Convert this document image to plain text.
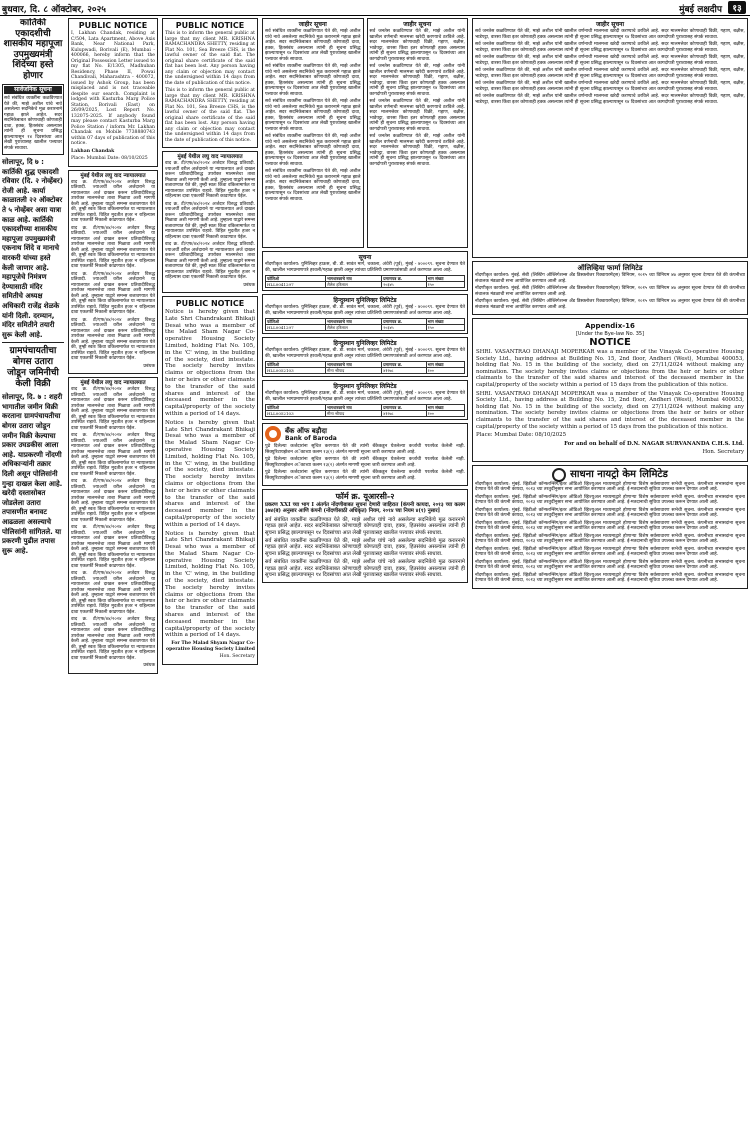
बुधवार, दि. ८ ऑक्टोबर, २०२५	मुंबई लक्षदीप	१३
कार्तिकी एकादशीची शासकीय महापूजा उपमुख्यमंत्री शिंदेंच्या हस्ते होणार
सार्वजनिक सूचना

सर्व संबंधित व्यक्तींना कळविण्यात येते की, माझे अशील यांचे नावे असलेल्या सदनिकेचे मूळ करारनामे गहाळ झाले आहेत. सदर सदनिकेबाबत कोणाचाही कोणताही दावा, हक्क, हितसंबंध असल्यास त्यांनी ही सूचना प्रसिद्ध झाल्यापासून १४ दिवसांच्या आत लेखी पुराव्यासह खालील पत्त्यावर संपर्क साधावा.

सोलापूर, दि ७ : कार्तिकी शुद्ध एकादशी रविवार (दि. २ नोव्हेंबर) रोजी आहे. कार्या काळातली २२ ऑक्टोबर ते ५ नोव्हेंबर असा यात्रा काळ आहे. कार्तिकी एकादशीच्या शासकीय महापूजा उपमुख्यमंत्री एकनाथ शिंदे व मानाचे वारकरी यांच्या हस्ते केली जाणार आहे. महापूजेचे निमंत्रण देण्यासाठी मंदिर समितीचे अध्यक्ष अधिकारी राजेंद्र शेळके यांनी दिली. दरम्यान, मंदिर समितीने तयारी सुरू केली आहे.
ग्रामपंचायतीचा बोगस उतारा जोडून जमिनीची केली विक्री
सोलापूर, दि. ७ : शहरी भागातील जमीन विक्री करताना ग्रामपंचायतीचा बोगस उतारा जोडून जमीन विक्री केल्याचा प्रकार उघडकीस आला आहे. याप्रकरणी नोंदणी अधिकाऱ्यांनी तक्रार दिली असून पोलिसांनी गुन्हा दाखल केला आहे. खरेदी दस्तासोबत जोडलेला उतारा तपासणीत बनावट आढळला असल्याचे पोलिसांनी सांगितले. या प्रकरणी पुढील तपास सुरू आहे.
PUBLIC NOTICE

I, Lakhan Chandak, residing at C/504, Lata Apartment, Above Axis Bank, Near National Park, Kulupwadi, Borivali (E), Mumbai - 400066, hereby inform that the Original Possession Letter issued to my flat No. E/1305, Madhuban Residency, Phase II, Powai Chandivali, Maharashtra - 400072, issued by Ashok Group, has been misplaced and is not traceable despite our search. Complaint is lodged with Kasturba Marg Police Station, Borivali (East) on 26/09/2025, Lost Report No. 132075-2025. If anybody found may please contact Kasturba Marg Police Station / inform Mr. Lakhan Chandak on Mobile 7738880743 within 07 days of publication of this notice.

Lakhan Chandak

Place: Mumbai Date: 08/10/2025

मुंबई येथील लघु वाद न्यायालयात

वाद क्र. टी/एफ/४४/२०२४ अर्जदार विरुद्ध प्रतिवादी. ज्याअर्थी वरील अर्जदाराने या न्यायालयात अर्ज दाखल करून प्रतिवादीविरुद्ध उपरोक्त मालमत्तेचा ताबा मिळावा अशी मागणी केली आहे. तुम्हाला याद्वारे समन्स बजावण्यात येते की, तुम्ही स्वतः किंवा वकिलामार्फत या न्यायालयात उपस्थित राहावे. विहित मुदतीत हजर न राहिल्यास दावा एकतर्फी निकाली काढण्यात येईल.

वाद क्र. टी/एफ/४४/२०२४ अर्जदार विरुद्ध प्रतिवादी. ज्याअर्थी वरील अर्जदाराने या न्यायालयात अर्ज दाखल करून प्रतिवादीविरुद्ध उपरोक्त मालमत्तेचा ताबा मिळावा अशी मागणी केली आहे. तुम्हाला याद्वारे समन्स बजावण्यात येते की, तुम्ही स्वतः किंवा वकिलामार्फत या न्यायालयात उपस्थित राहावे. विहित मुदतीत हजर न राहिल्यास दावा एकतर्फी निकाली काढण्यात येईल.

वाद क्र. टी/एफ/४४/२०२४ अर्जदार विरुद्ध प्रतिवादी. ज्याअर्थी वरील अर्जदाराने या न्यायालयात अर्ज दाखल करून प्रतिवादीविरुद्ध उपरोक्त मालमत्तेचा ताबा मिळावा अशी मागणी केली आहे. तुम्हाला याद्वारे समन्स बजावण्यात येते की, तुम्ही स्वतः किंवा वकिलामार्फत या न्यायालयात उपस्थित राहावे. विहित मुदतीत हजर न राहिल्यास दावा एकतर्फी निकाली काढण्यात येईल.

वाद क्र. टी/एफ/४४/२०२४ अर्जदार विरुद्ध प्रतिवादी. ज्याअर्थी वरील अर्जदाराने या न्यायालयात अर्ज दाखल करून प्रतिवादीविरुद्ध उपरोक्त मालमत्तेचा ताबा मिळावा अशी मागणी केली आहे. तुम्हाला याद्वारे समन्स बजावण्यात येते की, तुम्ही स्वतः किंवा वकिलामार्फत या न्यायालयात उपस्थित राहावे. विहित मुदतीत हजर न राहिल्यास दावा एकतर्फी निकाली काढण्यात येईल.

प्रबंधक

मुंबई येथील लघु वाद न्यायालयात

वाद क्र. टी/एफ/४४/२०२४ अर्जदार विरुद्ध प्रतिवादी. ज्याअर्थी वरील अर्जदाराने या न्यायालयात अर्ज दाखल करून प्रतिवादीविरुद्ध उपरोक्त मालमत्तेचा ताबा मिळावा अशी मागणी केली आहे. तुम्हाला याद्वारे समन्स बजावण्यात येते की, तुम्ही स्वतः किंवा वकिलामार्फत या न्यायालयात उपस्थित राहावे. विहित मुदतीत हजर न राहिल्यास दावा एकतर्फी निकाली काढण्यात येईल.

वाद क्र. टी/एफ/४४/२०२४ अर्जदार विरुद्ध प्रतिवादी. ज्याअर्थी वरील अर्जदाराने या न्यायालयात अर्ज दाखल करून प्रतिवादीविरुद्ध उपरोक्त मालमत्तेचा ताबा मिळावा अशी मागणी केली आहे. तुम्हाला याद्वारे समन्स बजावण्यात येते की, तुम्ही स्वतः किंवा वकिलामार्फत या न्यायालयात उपस्थित राहावे. विहित मुदतीत हजर न राहिल्यास दावा एकतर्फी निकाली काढण्यात येईल.

वाद क्र. टी/एफ/४४/२०२४ अर्जदार विरुद्ध प्रतिवादी. ज्याअर्थी वरील अर्जदाराने या न्यायालयात अर्ज दाखल करून प्रतिवादीविरुद्ध उपरोक्त मालमत्तेचा ताबा मिळावा अशी मागणी केली आहे. तुम्हाला याद्वारे समन्स बजावण्यात येते की, तुम्ही स्वतः किंवा वकिलामार्फत या न्यायालयात उपस्थित राहावे. विहित मुदतीत हजर न राहिल्यास दावा एकतर्फी निकाली काढण्यात येईल.

वाद क्र. टी/एफ/४४/२०२४ अर्जदार विरुद्ध प्रतिवादी. ज्याअर्थी वरील अर्जदाराने या न्यायालयात अर्ज दाखल करून प्रतिवादीविरुद्ध उपरोक्त मालमत्तेचा ताबा मिळावा अशी मागणी केली आहे. तुम्हाला याद्वारे समन्स बजावण्यात येते की, तुम्ही स्वतः किंवा वकिलामार्फत या न्यायालयात उपस्थित राहावे. विहित मुदतीत हजर न राहिल्यास दावा एकतर्फी निकाली काढण्यात येईल.

वाद क्र. टी/एफ/४४/२०२४ अर्जदार विरुद्ध प्रतिवादी. ज्याअर्थी वरील अर्जदाराने या न्यायालयात अर्ज दाखल करून प्रतिवादीविरुद्ध उपरोक्त मालमत्तेचा ताबा मिळावा अशी मागणी केली आहे. तुम्हाला याद्वारे समन्स बजावण्यात येते की, तुम्ही स्वतः किंवा वकिलामार्फत या न्यायालयात उपस्थित राहावे. विहित मुदतीत हजर न राहिल्यास दावा एकतर्फी निकाली काढण्यात येईल.

वाद क्र. टी/एफ/४४/२०२४ अर्जदार विरुद्ध प्रतिवादी. ज्याअर्थी वरील अर्जदाराने या न्यायालयात अर्ज दाखल करून प्रतिवादीविरुद्ध उपरोक्त मालमत्तेचा ताबा मिळावा अशी मागणी केली आहे. तुम्हाला याद्वारे समन्स बजावण्यात येते की, तुम्ही स्वतः किंवा वकिलामार्फत या न्यायालयात उपस्थित राहावे. विहित मुदतीत हजर न राहिल्यास दावा एकतर्फी निकाली काढण्यात येईल.

प्रबंधक

PUBLIC NOTICE

This is to inform the general public at large that my client MR. KRISHNA RAMACHANDRA SHETTY, residing at Flat No. 101, Sea Breeze CHS, is the lawful owner of the said flat. The original share certificate of the said flat has been lost. Any person having any claim or objection may contact the undersigned within 14 days from the date of publication of this notice.

This is to inform the general public at large that my client MR. KRISHNA RAMACHANDRA SHETTY, residing at Flat No. 101, Sea Breeze CHS, is the lawful owner of the said flat. The original share certificate of the said flat has been lost. Any person having any claim or objection may contact the undersigned within 14 days from the date of publication of this notice.

मुंबई येथील लघु वाद न्यायालयात

वाद क्र. टी/एफ/४४/२०२४ अर्जदार विरुद्ध प्रतिवादी. ज्याअर्थी वरील अर्जदाराने या न्यायालयात अर्ज दाखल करून प्रतिवादीविरुद्ध उपरोक्त मालमत्तेचा ताबा मिळावा अशी मागणी केली आहे. तुम्हाला याद्वारे समन्स बजावण्यात येते की, तुम्ही स्वतः किंवा वकिलामार्फत या न्यायालयात उपस्थित राहावे. विहित मुदतीत हजर न राहिल्यास दावा एकतर्फी निकाली काढण्यात येईल.

वाद क्र. टी/एफ/४४/२०२४ अर्जदार विरुद्ध प्रतिवादी. ज्याअर्थी वरील अर्जदाराने या न्यायालयात अर्ज दाखल करून प्रतिवादीविरुद्ध उपरोक्त मालमत्तेचा ताबा मिळावा अशी मागणी केली आहे. तुम्हाला याद्वारे समन्स बजावण्यात येते की, तुम्ही स्वतः किंवा वकिलामार्फत या न्यायालयात उपस्थित राहावे. विहित मुदतीत हजर न राहिल्यास दावा एकतर्फी निकाली काढण्यात येईल.

वाद क्र. टी/एफ/४४/२०२४ अर्जदार विरुद्ध प्रतिवादी. ज्याअर्थी वरील अर्जदाराने या न्यायालयात अर्ज दाखल करून प्रतिवादीविरुद्ध उपरोक्त मालमत्तेचा ताबा मिळावा अशी मागणी केली आहे. तुम्हाला याद्वारे समन्स बजावण्यात येते की, तुम्ही स्वतः किंवा वकिलामार्फत या न्यायालयात उपस्थित राहावे. विहित मुदतीत हजर न राहिल्यास दावा एकतर्फी निकाली काढण्यात येईल.

प्रबंधक

PUBLIC NOTICE

Notice is hereby given that Late Shri Chandrakant Bhikaji Desai who was a member of the Malad Sham Nagar Co-operative Housing Society Limited, holding Flat No. 105, in the 'C' wing, in the building of the society, died intestate. The society hereby invites claims or objections from the heir or heirs or other claimants to the transfer of the said shares and interest of the deceased member in the capital/property of the society within a period of 14 days.

Notice is hereby given that Late Shri Chandrakant Bhikaji Desai who was a member of the Malad Sham Nagar Co-operative Housing Society Limited, holding Flat No. 105, in the 'C' wing, in the building of the society, died intestate. The society hereby invites claims or objections from the heir or heirs or other claimants to the transfer of the said shares and interest of the deceased member in the capital/property of the society within a period of 14 days.

Notice is hereby given that Late Shri Chandrakant Bhikaji Desai who was a member of the Malad Sham Nagar Co-operative Housing Society Limited, holding Flat No. 105, in the 'C' wing, in the building of the society, died intestate. The society hereby invites claims or objections from the heir or heirs or other claimants to the transfer of the said shares and interest of the deceased member in the capital/property of the society within a period of 14 days.

For The Malad Shyam Nagar Co-operative Housing Society Limited

Hon. Secretary

जाहीर सूचना

सर्व संबंधित व्यक्तींना कळविण्यात येते की, माझे अशील यांचे नावे असलेल्या सदनिकेचे मूळ करारनामे गहाळ झाले आहेत. सदर सदनिकेबाबत कोणाचाही कोणताही दावा, हक्क, हितसंबंध असल्यास त्यांनी ही सूचना प्रसिद्ध झाल्यापासून १४ दिवसांच्या आत लेखी पुराव्यासह खालील पत्त्यावर संपर्क साधावा.

सर्व संबंधित व्यक्तींना कळविण्यात येते की, माझे अशील यांचे नावे असलेल्या सदनिकेचे मूळ करारनामे गहाळ झाले आहेत. सदर सदनिकेबाबत कोणाचाही कोणताही दावा, हक्क, हितसंबंध असल्यास त्यांनी ही सूचना प्रसिद्ध झाल्यापासून १४ दिवसांच्या आत लेखी पुराव्यासह खालील पत्त्यावर संपर्क साधावा.

सर्व संबंधित व्यक्तींना कळविण्यात येते की, माझे अशील यांचे नावे असलेल्या सदनिकेचे मूळ करारनामे गहाळ झाले आहेत. सदर सदनिकेबाबत कोणाचाही कोणताही दावा, हक्क, हितसंबंध असल्यास त्यांनी ही सूचना प्रसिद्ध झाल्यापासून १४ दिवसांच्या आत लेखी पुराव्यासह खालील पत्त्यावर संपर्क साधावा.

सर्व संबंधित व्यक्तींना कळविण्यात येते की, माझे अशील यांचे नावे असलेल्या सदनिकेचे मूळ करारनामे गहाळ झाले आहेत. सदर सदनिकेबाबत कोणाचाही कोणताही दावा, हक्क, हितसंबंध असल्यास त्यांनी ही सूचना प्रसिद्ध झाल्यापासून १४ दिवसांच्या आत लेखी पुराव्यासह खालील पत्त्यावर संपर्क साधावा.

सर्व संबंधित व्यक्तींना कळविण्यात येते की, माझे अशील यांचे नावे असलेल्या सदनिकेचे मूळ करारनामे गहाळ झाले आहेत. सदर सदनिकेबाबत कोणाचाही कोणताही दावा, हक्क, हितसंबंध असल्यास त्यांनी ही सूचना प्रसिद्ध झाल्यापासून १४ दिवसांच्या आत लेखी पुराव्यासह खालील पत्त्यावर संपर्क साधावा.

जाहीर सूचना

सर्व जनतेस कळविण्यात येते की, माझे अशील यांनी खालील वर्णनाची मालमत्ता खरेदी करण्याचे ठरविले आहे. सदर मालमत्तेवर कोणाचाही विक्री, गहाण, बक्षीस, भाडेपट्टा, वारसा किंवा इतर कोणताही हक्क असल्यास त्यांनी ही सूचना प्रसिद्ध झाल्यापासून १४ दिवसांच्या आत कागदोपत्री पुराव्यासह संपर्क साधावा.

सर्व जनतेस कळविण्यात येते की, माझे अशील यांनी खालील वर्णनाची मालमत्ता खरेदी करण्याचे ठरविले आहे. सदर मालमत्तेवर कोणाचाही विक्री, गहाण, बक्षीस, भाडेपट्टा, वारसा किंवा इतर कोणताही हक्क असल्यास त्यांनी ही सूचना प्रसिद्ध झाल्यापासून १४ दिवसांच्या आत कागदोपत्री पुराव्यासह संपर्क साधावा.

सर्व जनतेस कळविण्यात येते की, माझे अशील यांनी खालील वर्णनाची मालमत्ता खरेदी करण्याचे ठरविले आहे. सदर मालमत्तेवर कोणाचाही विक्री, गहाण, बक्षीस, भाडेपट्टा, वारसा किंवा इतर कोणताही हक्क असल्यास त्यांनी ही सूचना प्रसिद्ध झाल्यापासून १४ दिवसांच्या आत कागदोपत्री पुराव्यासह संपर्क साधावा.

सर्व जनतेस कळविण्यात येते की, माझे अशील यांनी खालील वर्णनाची मालमत्ता खरेदी करण्याचे ठरविले आहे. सदर मालमत्तेवर कोणाचाही विक्री, गहाण, बक्षीस, भाडेपट्टा, वारसा किंवा इतर कोणताही हक्क असल्यास त्यांनी ही सूचना प्रसिद्ध झाल्यापासून १४ दिवसांच्या आत कागदोपत्री पुराव्यासह संपर्क साधावा.

सूचना

नोंदणीकृत कार्यालय: युनिलिव्हर हाऊस, बी. डी. सावंत मार्ग, चकाला, अंधेरी (पूर्व), मुंबई - ४०००९९. सूचना देण्यात येते की, खालील भागप्रमाणपत्रे हरवली/गहाळ झाली असून त्यांच्या प्रतिलिपी प्रमाणपत्रांसाठी अर्ज करण्यात आला आहे.

फोलिओ	भागधारकाचे नाव	प्रमाणपत्र क्र.	भाग संख्या
HLL0041297	शैलेश हरिलाल	२०३४५	१५०
हिन्दुस्थान युनिलिव्हर लिमिटेड

नोंदणीकृत कार्यालय: युनिलिव्हर हाऊस, बी. डी. सावंत मार्ग, चकाला, अंधेरी (पूर्व), मुंबई - ४०००९९. सूचना देण्यात येते की, खालील भागप्रमाणपत्रे हरवली/गहाळ झाली असून त्यांच्या प्रतिलिपी प्रमाणपत्रांसाठी अर्ज करण्यात आला आहे.

फोलिओ	भागधारकाचे नाव	प्रमाणपत्र क्र.	भाग संख्या
HLL0041297	शैलेश हरिलाल	२०३४५	१५०
हिन्दुस्थान युनिलिव्हर लिमिटेड

नोंदणीकृत कार्यालय: युनिलिव्हर हाऊस, बी. डी. सावंत मार्ग, चकाला, अंधेरी (पूर्व), मुंबई - ४०००९९. सूचना देण्यात येते की, खालील भागप्रमाणपत्रे हरवली/गहाळ झाली असून त्यांच्या प्रतिलिपी प्रमाणपत्रांसाठी अर्ज करण्यात आला आहे.

फोलिओ	भागधारकाचे नाव	प्रमाणपत्र क्र.	भाग संख्या
HLL0052103	मीना श्रीपाद	४१२७८	१००
हिन्दुस्थान युनिलिव्हर लिमिटेड

नोंदणीकृत कार्यालय: युनिलिव्हर हाऊस, बी. डी. सावंत मार्ग, चकाला, अंधेरी (पूर्व), मुंबई - ४०००९९. सूचना देण्यात येते की, खालील भागप्रमाणपत्रे हरवली/गहाळ झाली असून त्यांच्या प्रतिलिपी प्रमाणपत्रांसाठी अर्ज करण्यात आला आहे.

फोलिओ	भागधारकाचे नाव	प्रमाणपत्र क्र.	भाग संख्या
HLL0052103	मीना श्रीपाद	४१२७८	१००
बँक ऑफ बड़ौदा
Bank of Baroda

पुढे दिलेल्या कर्जदारांना सूचित करण्यात येते की त्यांनी बँकेकडून घेतलेल्या कर्जाची परतफेड केलेली नाही. सिक्युरिटायझेशन अॅक्टच्या कलम १३(२) अंतर्गत मागणी सूचना जारी करण्यात आली आहे.

पुढे दिलेल्या कर्जदारांना सूचित करण्यात येते की त्यांनी बँकेकडून घेतलेल्या कर्जाची परतफेड केलेली नाही. सिक्युरिटायझेशन अॅक्टच्या कलम १३(२) अंतर्गत मागणी सूचना जारी करण्यात आली आहे.

पुढे दिलेल्या कर्जदारांना सूचित करण्यात येते की त्यांनी बँकेकडून घेतलेल्या कर्जाची परतफेड केलेली नाही. सिक्युरिटायझेशन अॅक्टच्या कलम १३(२) अंतर्गत मागणी सूचना जारी करण्यात आली आहे.

फॉर्म क्र. यूआरसी-२

प्रकरण XXI च्या भाग I अंतर्गत नोंदणीबाबत सूचना देणारी जाहिरात [कंपनी कायदा, २०१३ च्या कलम ३७४(ब) अनुसार आणि कंपनी (नोंदणीसाठी अधिकृत) नियम, २०१४ च्या नियम ४(१) नुसार]

सर्व संबंधित व्यक्तींना कळविण्यात येते की, माझे अशील यांचे नावे असलेल्या सदनिकेचे मूळ करारनामे गहाळ झाले आहेत. सदर सदनिकेबाबत कोणाचाही कोणताही दावा, हक्क, हितसंबंध असल्यास त्यांनी ही सूचना प्रसिद्ध झाल्यापासून १४ दिवसांच्या आत लेखी पुराव्यासह खालील पत्त्यावर संपर्क साधावा.

सर्व संबंधित व्यक्तींना कळविण्यात येते की, माझे अशील यांचे नावे असलेल्या सदनिकेचे मूळ करारनामे गहाळ झाले आहेत. सदर सदनिकेबाबत कोणाचाही कोणताही दावा, हक्क, हितसंबंध असल्यास त्यांनी ही सूचना प्रसिद्ध झाल्यापासून १४ दिवसांच्या आत लेखी पुराव्यासह खालील पत्त्यावर संपर्क साधावा.

सर्व संबंधित व्यक्तींना कळविण्यात येते की, माझे अशील यांचे नावे असलेल्या सदनिकेचे मूळ करारनामे गहाळ झाले आहेत. सदर सदनिकेबाबत कोणाचाही कोणताही दावा, हक्क, हितसंबंध असल्यास त्यांनी ही सूचना प्रसिद्ध झाल्यापासून १४ दिवसांच्या आत लेखी पुराव्यासह खालील पत्त्यावर संपर्क साधावा.

जाहीर सूचना

सर्व जनतेस कळविण्यात येते की, माझे अशील यांनी खालील वर्णनाची मालमत्ता खरेदी करण्याचे ठरविले आहे. सदर मालमत्तेवर कोणाचाही विक्री, गहाण, बक्षीस, भाडेपट्टा, वारसा किंवा इतर कोणताही हक्क असल्यास त्यांनी ही सूचना प्रसिद्ध झाल्यापासून १४ दिवसांच्या आत कागदोपत्री पुराव्यासह संपर्क साधावा.

सर्व जनतेस कळविण्यात येते की, माझे अशील यांनी खालील वर्णनाची मालमत्ता खरेदी करण्याचे ठरविले आहे. सदर मालमत्तेवर कोणाचाही विक्री, गहाण, बक्षीस, भाडेपट्टा, वारसा किंवा इतर कोणताही हक्क असल्यास त्यांनी ही सूचना प्रसिद्ध झाल्यापासून १४ दिवसांच्या आत कागदोपत्री पुराव्यासह संपर्क साधावा.

सर्व जनतेस कळविण्यात येते की, माझे अशील यांनी खालील वर्णनाची मालमत्ता खरेदी करण्याचे ठरविले आहे. सदर मालमत्तेवर कोणाचाही विक्री, गहाण, बक्षीस, भाडेपट्टा, वारसा किंवा इतर कोणताही हक्क असल्यास त्यांनी ही सूचना प्रसिद्ध झाल्यापासून १४ दिवसांच्या आत कागदोपत्री पुराव्यासह संपर्क साधावा.

सर्व जनतेस कळविण्यात येते की, माझे अशील यांनी खालील वर्णनाची मालमत्ता खरेदी करण्याचे ठरविले आहे. सदर मालमत्तेवर कोणाचाही विक्री, गहाण, बक्षीस, भाडेपट्टा, वारसा किंवा इतर कोणताही हक्क असल्यास त्यांनी ही सूचना प्रसिद्ध झाल्यापासून १४ दिवसांच्या आत कागदोपत्री पुराव्यासह संपर्क साधावा.

सर्व जनतेस कळविण्यात येते की, माझे अशील यांनी खालील वर्णनाची मालमत्ता खरेदी करण्याचे ठरविले आहे. सदर मालमत्तेवर कोणाचाही विक्री, गहाण, बक्षीस, भाडेपट्टा, वारसा किंवा इतर कोणताही हक्क असल्यास त्यांनी ही सूचना प्रसिद्ध झाल्यापासून १४ दिवसांच्या आत कागदोपत्री पुराव्यासह संपर्क साधावा.

सर्व जनतेस कळविण्यात येते की, माझे अशील यांनी खालील वर्णनाची मालमत्ता खरेदी करण्याचे ठरविले आहे. सदर मालमत्तेवर कोणाचाही विक्री, गहाण, बक्षीस, भाडेपट्टा, वारसा किंवा इतर कोणताही हक्क असल्यास त्यांनी ही सूचना प्रसिद्ध झाल्यापासून १४ दिवसांच्या आत कागदोपत्री पुराव्यासह संपर्क साधावा.

ऑलिव्हिया फार्मा लिमिटेड

नोंदणीकृत कार्यालय: मुंबई. सेबी (लिस्टिंग ऑब्लिगेशन्स अँड डिस्क्लोजर रिक्वायरमेंट्स) विनियम, २०१५ च्या विनियम ४७ अनुसार सूचना देण्यात येते की कंपनीच्या संचालक मंडळाची सभा आयोजित करण्यात आली आहे.

नोंदणीकृत कार्यालय: मुंबई. सेबी (लिस्टिंग ऑब्लिगेशन्स अँड डिस्क्लोजर रिक्वायरमेंट्स) विनियम, २०१५ च्या विनियम ४७ अनुसार सूचना देण्यात येते की कंपनीच्या संचालक मंडळाची सभा आयोजित करण्यात आली आहे.

नोंदणीकृत कार्यालय: मुंबई. सेबी (लिस्टिंग ऑब्लिगेशन्स अँड डिस्क्लोजर रिक्वायरमेंट्स) विनियम, २०१५ च्या विनियम ४७ अनुसार सूचना देण्यात येते की कंपनीच्या संचालक मंडळाची सभा आयोजित करण्यात आली आहे.

Appendix-16
[Under the Bye-law No. 35]
NOTICE

SHRI. VASANTRAO DHANAJI MOPERKAR was a member of the Vinayak Co-operative Housing Society Ltd., having address at Building No. 15, 2nd floor, Andheri (West), Mumbai 400053, holding flat No. 15 in the building of the society, died on 27/11/2024 without making any nomination. The society hereby invites claims or objections from the heir or heirs or other claimants to the transfer of the said shares and interest of the deceased member in the capital/property of the society within a period of 15 days from the publication of this notice.

SHRI. VASANTRAO DHANAJI MOPERKAR was a member of the Vinayak Co-operative Housing Society Ltd., having address at Building No. 15, 2nd floor, Andheri (West), Mumbai 400053, holding flat No. 15 in the building of the society, died on 27/11/2024 without making any nomination. The society hereby invites claims or objections from the heir or heirs or other claimants to the transfer of the said shares and interest of the deceased member in the capital/property of the society within a period of 15 days from the publication of this notice.

Place: Mumbai Date: 08/10/2025

For and on behalf of D.N. NAGAR SURVANANDA C.H.S. Ltd.

Hon. Secretary

साधना नायट्रो केम लिमिटेड

नोंदणीकृत कार्यालय: मुंबई. व्हिडीओ कॉन्फरन्सिंग/इतर ऑडिओ व्हिज्युअल माध्यमाद्वारे होणाऱ्या विशेष सर्वसाधारण सभेची सूचना. कंपनीच्या सभासदांना सूचना देण्यात येते की कंपनी कायदा, २०१३ च्या तरतुदींनुसार सभा आयोजित करण्यात आली आहे. ई-मतदानाची सुविधा उपलब्ध करून देण्यात आली आहे.

नोंदणीकृत कार्यालय: मुंबई. व्हिडीओ कॉन्फरन्सिंग/इतर ऑडिओ व्हिज्युअल माध्यमाद्वारे होणाऱ्या विशेष सर्वसाधारण सभेची सूचना. कंपनीच्या सभासदांना सूचना देण्यात येते की कंपनी कायदा, २०१३ च्या तरतुदींनुसार सभा आयोजित करण्यात आली आहे. ई-मतदानाची सुविधा उपलब्ध करून देण्यात आली आहे.

नोंदणीकृत कार्यालय: मुंबई. व्हिडीओ कॉन्फरन्सिंग/इतर ऑडिओ व्हिज्युअल माध्यमाद्वारे होणाऱ्या विशेष सर्वसाधारण सभेची सूचना. कंपनीच्या सभासदांना सूचना देण्यात येते की कंपनी कायदा, २०१३ च्या तरतुदींनुसार सभा आयोजित करण्यात आली आहे. ई-मतदानाची सुविधा उपलब्ध करून देण्यात आली आहे.

नोंदणीकृत कार्यालय: मुंबई. व्हिडीओ कॉन्फरन्सिंग/इतर ऑडिओ व्हिज्युअल माध्यमाद्वारे होणाऱ्या विशेष सर्वसाधारण सभेची सूचना. कंपनीच्या सभासदांना सूचना देण्यात येते की कंपनी कायदा, २०१३ च्या तरतुदींनुसार सभा आयोजित करण्यात आली आहे. ई-मतदानाची सुविधा उपलब्ध करून देण्यात आली आहे.

नोंदणीकृत कार्यालय: मुंबई. व्हिडीओ कॉन्फरन्सिंग/इतर ऑडिओ व्हिज्युअल माध्यमाद्वारे होणाऱ्या विशेष सर्वसाधारण सभेची सूचना. कंपनीच्या सभासदांना सूचना देण्यात येते की कंपनी कायदा, २०१३ च्या तरतुदींनुसार सभा आयोजित करण्यात आली आहे. ई-मतदानाची सुविधा उपलब्ध करून देण्यात आली आहे.

नोंदणीकृत कार्यालय: मुंबई. व्हिडीओ कॉन्फरन्सिंग/इतर ऑडिओ व्हिज्युअल माध्यमाद्वारे होणाऱ्या विशेष सर्वसाधारण सभेची सूचना. कंपनीच्या सभासदांना सूचना देण्यात येते की कंपनी कायदा, २०१३ च्या तरतुदींनुसार सभा आयोजित करण्यात आली आहे. ई-मतदानाची सुविधा उपलब्ध करून देण्यात आली आहे.

नोंदणीकृत कार्यालय: मुंबई. व्हिडीओ कॉन्फरन्सिंग/इतर ऑडिओ व्हिज्युअल माध्यमाद्वारे होणाऱ्या विशेष सर्वसाधारण सभेची सूचना. कंपनीच्या सभासदांना सूचना देण्यात येते की कंपनी कायदा, २०१३ च्या तरतुदींनुसार सभा आयोजित करण्यात आली आहे. ई-मतदानाची सुविधा उपलब्ध करून देण्यात आली आहे.

नोंदणीकृत कार्यालय: मुंबई. व्हिडीओ कॉन्फरन्सिंग/इतर ऑडिओ व्हिज्युअल माध्यमाद्वारे होणाऱ्या विशेष सर्वसाधारण सभेची सूचना. कंपनीच्या सभासदांना सूचना देण्यात येते की कंपनी कायदा, २०१३ च्या तरतुदींनुसार सभा आयोजित करण्यात आली आहे. ई-मतदानाची सुविधा उपलब्ध करून देण्यात आली आहे.
